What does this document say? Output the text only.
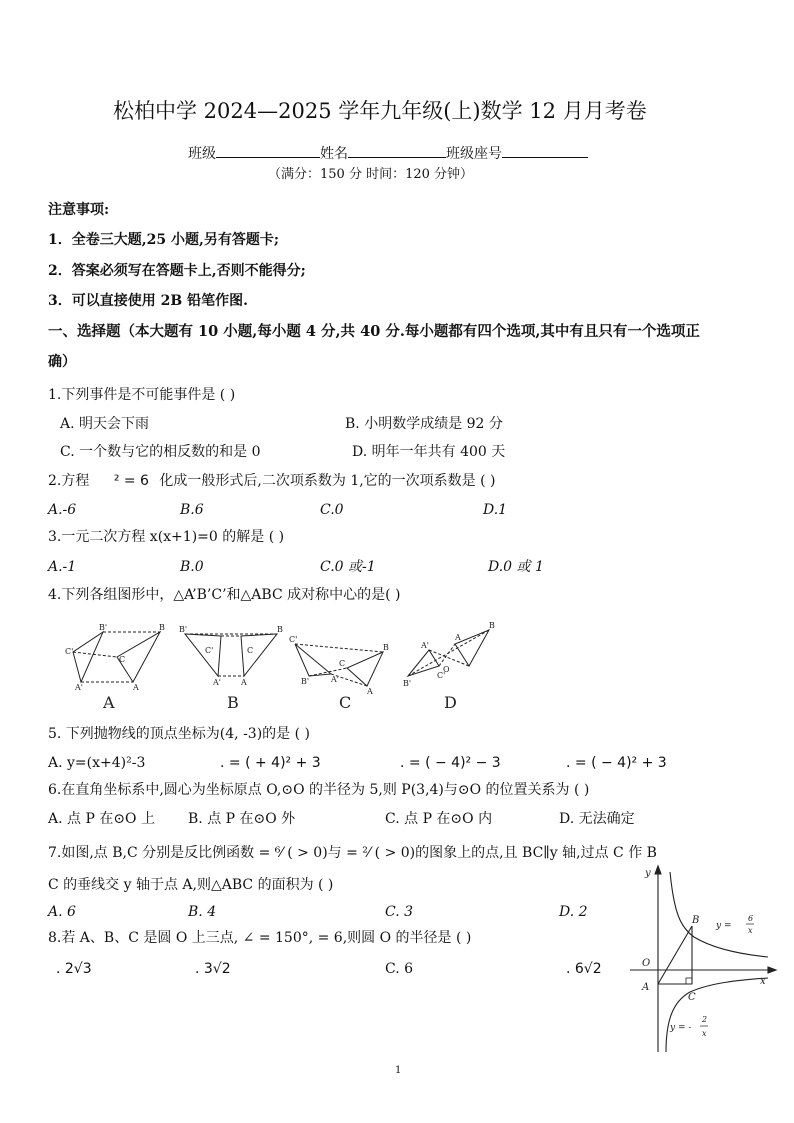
松柏中学 2024—2025 学年九年级(上)数学 12 月月考卷
班级	姓名	班级座号
（满分：150 分 时间：120 分钟）
注意事项:
1．全卷三大题,25 小题,另有答题卡;
2．答案必须写在答题卡上,否则不能得分;
3．可以直接使用 2B 铅笔作图.
一、选择题（本大题有 10 小题,每小题 4 分,共 40 分.每小题都有四个选项,其中有且只有一个选项正
确）
1.下列事件是不可能事件是 ( )
A. 明天会下雨	B. 小明数学成绩是 92 分
C. 一个数与它的相反数的和是 0	D. 明年一年共有 400 天
2.方程 ² = 6 化成一般形式后,二次项系数为 1,它的一次项系数是 ( )
A.-6	B.6	C.0	D.1
3.一元二次方程 x(x+1)=0 的解是 ( )
A.-1	B.0	C.0 或-1	D.0 或 1
4.下列各组图形中，△A’B’C’和△ABC 成对称中心的是( )
B'	B
C'
C
A'	A
B'	B
C'	C
A'	A
C'
B
B'
C
A'
A
B'
B
A'
A
O
C'
A	B	C	D
5. 下列抛物线的顶点坐标为(4, -3)的是 ( )
A. y=(x+4)²-3	. = ( + 4)² + 3	. = ( − 4)² − 3	. = ( − 4)² + 3
6.在直角坐标系中,圆心为坐标原点 O,⊙O 的半径为 5,则 P(3,4)与⊙O 的位置关系为 ( )
A. 点 P 在⊙O 上 B. 点 P 在⊙O 外	C. 点 P 在⊙O 内	D. 无法确定
7.如图,点 B,C 分别是反比例函数 = ⁶⁄ ( > 0)与 = ²⁄ ( > 0)的图象上的点,且 BC∥y 轴,过点 C 作 B
C 的垂线交 y 轴于点 A,则△ABC 的面积为 ( )
A. 6	B. 4	C. 3	D. 2
8.若 A、B、C 是圆 O 上三点, ∠ = 150°, = 6,则圆 O 的半径是 ( )
. 2√3	. 3√2	C. 6	. 6√2
y
x
O
A
B
C
y =
6
x
y = -
2
x
1
